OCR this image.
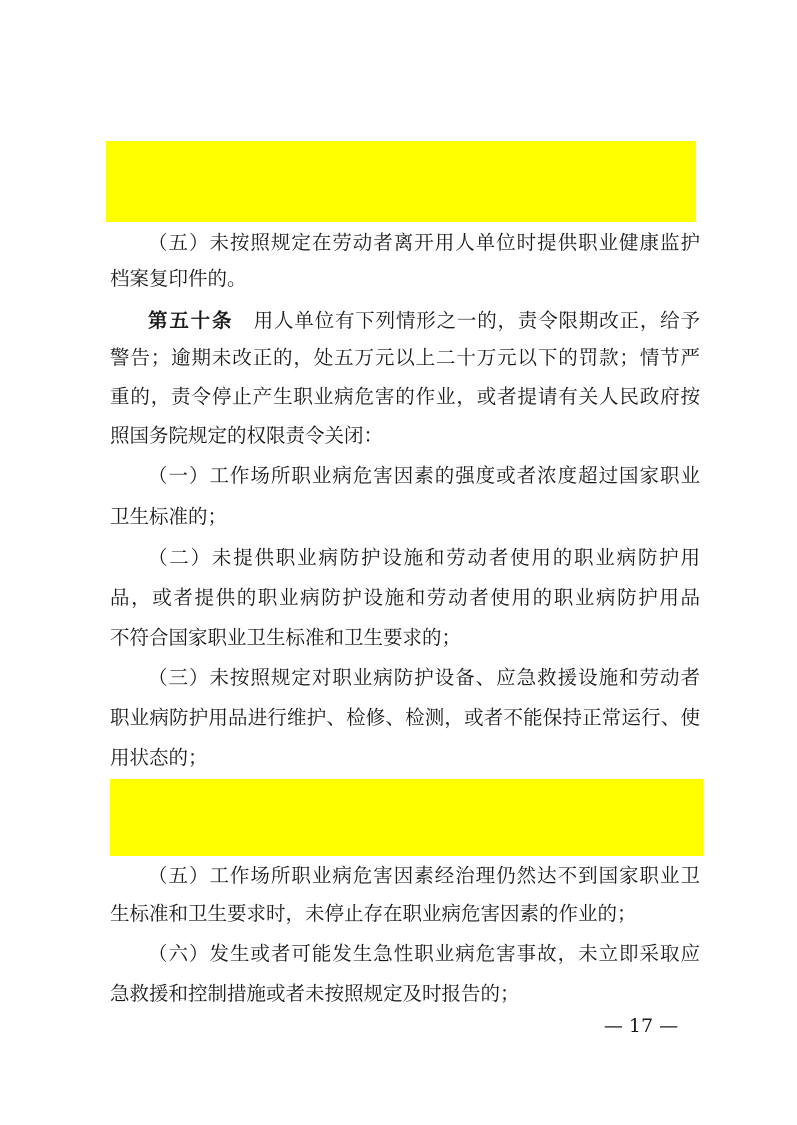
（五）未按照规定在劳动者离开用人单位时提供职业健康监护
档案复印件的。
第五十条　 用人单位有下列情形之一的，责令限期改正，给予
警告；逾期未改正的，处五万元以上二十万元以下的罚款；情节严
重的，责令停止产生职业病危害的作业，或者提请有关人民政府按
照国务院规定的权限责令关闭：
（一）工作场所职业病危害因素的强度或者浓度超过国家职业
卫生标准的；
（二）未提供职业病防护设施和劳动者使用的职业病防护用
品，或者提供的职业病防护设施和劳动者使用的职业病防护用品
不符合国家职业卫生标准和卫生要求的；
（三）未按照规定对职业病防护设备、应急救援设施和劳动者
职业病防护用品进行维护、检修、检测，或者不能保持正常运行、使
用状态的；
（五）工作场所职业病危害因素经治理仍然达不到国家职业卫
生标准和卫生要求时，未停止存在职业病危害因素的作业的；
（六）发生或者可能发生急性职业病危害事故，未立即采取应
急救援和控制措施或者未按照规定及时报告的；
— 17 —
